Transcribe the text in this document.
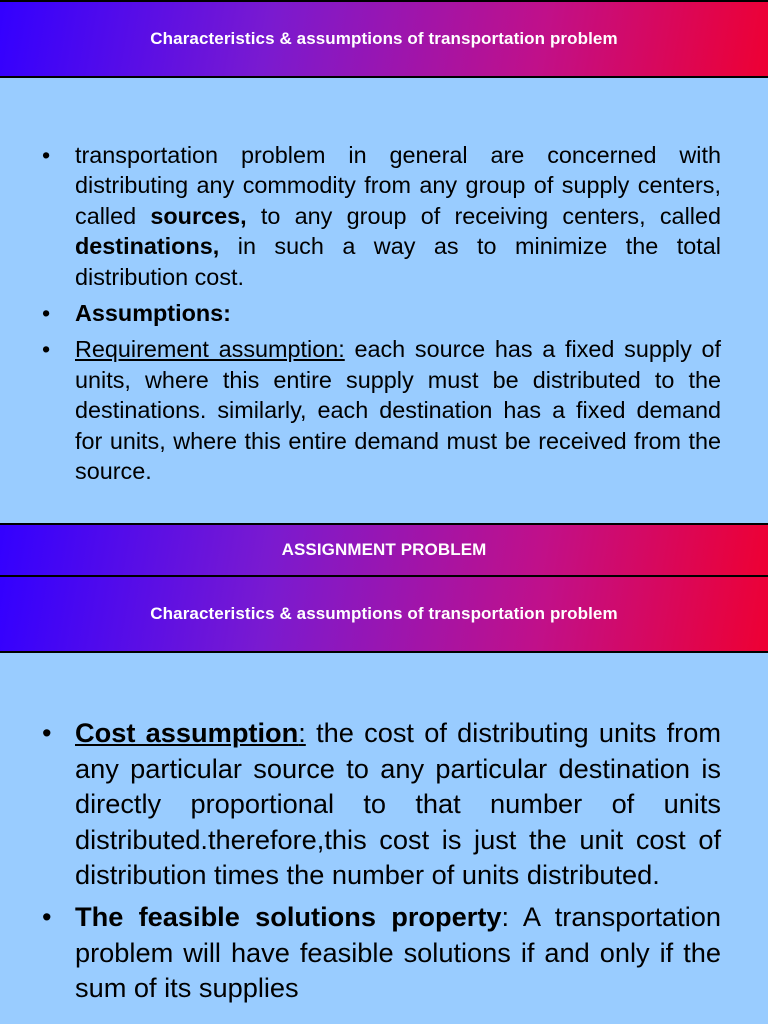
Characteristics & assumptions of transportation problem
• transportation problem in general are concerned with distributing any commodity from any group of supply centers, called sources, to any group of receiving centers, called destinations, in such a way as to minimize the total distribution cost.
• Assumptions:
• Requirement assumption: each source has a fixed supply of units, where this entire supply must be distributed to the destinations. similarly, each destination has a fixed demand for units, where this entire demand must be received from the source.
ASSIGNMENT PROBLEM
Characteristics & assumptions of transportation problem
• Cost assumption: the cost of distributing units from any particular source to any particular destination is directly proportional to that number of units distributed.therefore,this cost is just the unit cost of distribution times the number of units distributed.
• The feasible solutions property: A transportation problem will have feasible solutions if and only if the sum of its supplies
